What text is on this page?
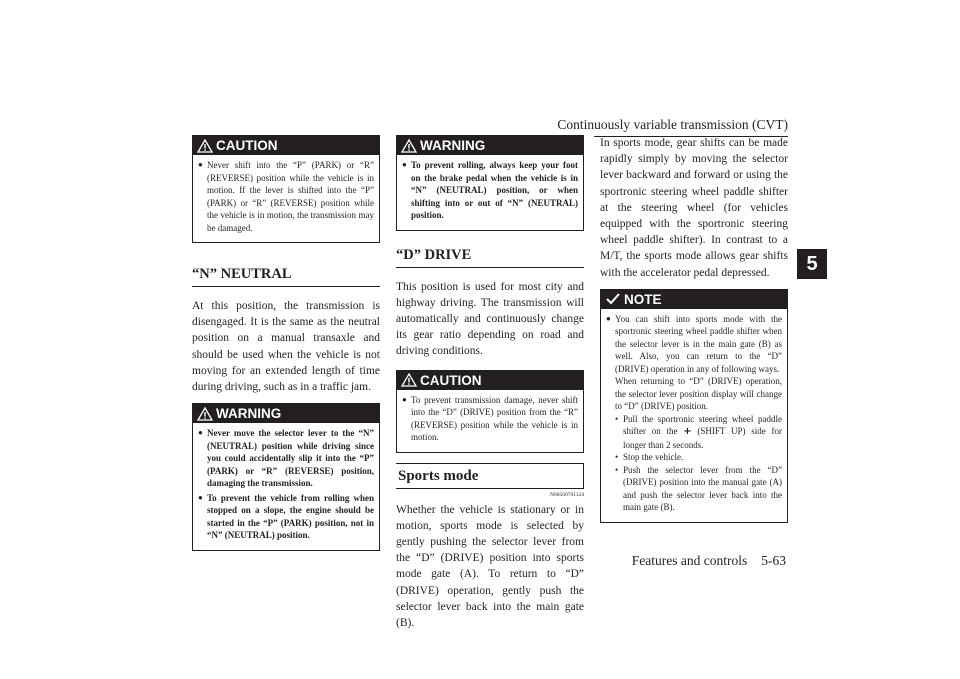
Continuously variable transmission (CVT)
5
Features and controls 5-63
CAUTION
● Never shift into the “P” (PARK) or “R” (REVERSE) position while the vehicle is in motion. If the lever is shifted into the “P” (PARK) or “R” (REVERSE) position while the vehicle is in motion, the transmission may be damaged.
“N” NEUTRAL
At this position, the transmission is disengaged. It is the same as the neutral position on a manual transaxle and should be used when the vehicle is not moving for an extended length of time during driving, such as in a traffic jam.
WARNING
● Never move the selector lever to the “N” (NEUTRAL) position while driving since you could accidentally slip it into the “P” (PARK) or “R” (REVERSE) position, damaging the transmission.
● To prevent the vehicle from rolling when stopped on a slope, the engine should be started in the “P” (PARK) position, not in “N” (NEUTRAL) position.
WARNING
● To prevent rolling, always keep your foot on the brake pedal when the vehicle is in “N” (NEUTRAL) position, or when shifting into or out of “N” (NEUTRAL) position.
“D” DRIVE
This position is used for most city and highway driving. The transmission will automatically and continuously change its gear ratio depending on road and driving conditions.
CAUTION
● To prevent transmission damage, never shift into the “D” (DRIVE) position from the “R” (REVERSE) position while the vehicle is in motion.
Sports mode
N00560701124
Whether the vehicle is stationary or in motion, sports mode is selected by gently pushing the selector lever from the “D” (DRIVE) position into sports mode gate (A). To return to “D” (DRIVE) operation, gently push the selector lever back into the main gate (B).
In sports mode, gear shifts can be made rapidly simply by moving the selector lever backward and forward or using the sportronic steering wheel paddle shifter at the steering wheel (for vehicles equipped with the sportronic steering wheel paddle shifter). In contrast to a M/T, the sports mode allows gear shifts with the accelerator pedal depressed.
NOTE
● You can shift into sports mode with the sportronic steering wheel paddle shifter when the selector lever is in the main gate (B) as well. Also, you can return to the “D” (DRIVE) operation in any of following ways.
When returning to “D” (DRIVE) operation, the selector lever position display will change to “D” (DRIVE) position.
• Pull the sportronic steering wheel paddle shifter on the + (SHIFT UP) side for longer than 2 seconds.
• Stop the vehicle.
• Push the selector lever from the “D” (DRIVE) position into the manual gate (A) and push the selector lever back into the main gate (B).
